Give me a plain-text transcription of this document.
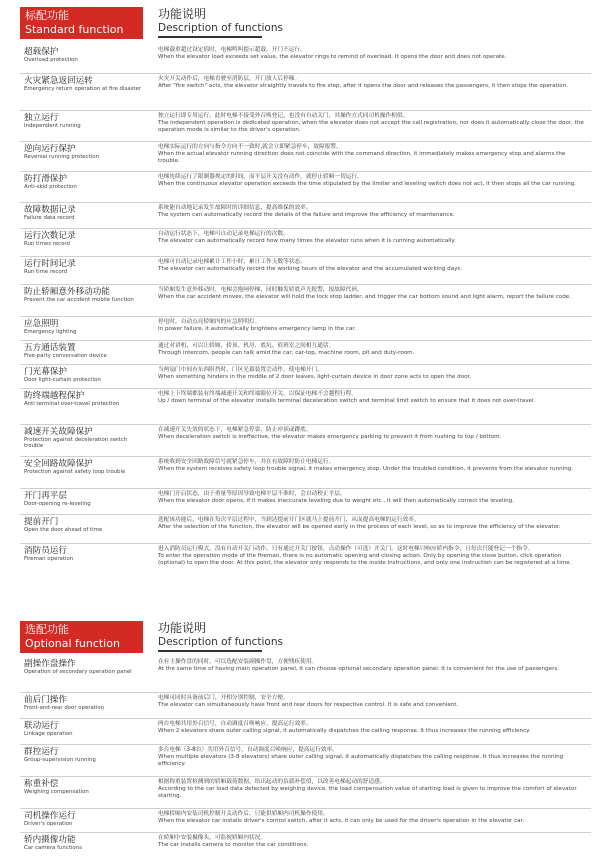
标配功能
Standard function
功能说明
Description of functions
超载保护
Overload protection
电梯载重超过设定值时，电梯鸣叫提示超载，开门不运行。
When the elevator load exceeds set value, the elevator rings to remind of overload. It opens the door and does not operate.
火灾紧急返回运转
Emergency return operation at fire disaster
火灾开关动作后，电梯直驶至消防层，开门放人后停梯。
After "fire switch" acts, the elevator straightly travels to fire step, after it opens the door and releases the passengers, it then stops the operation.
独立运行
Independent running
独立运行即专用运行，此时电梯不接受外召唤登记，也没有自动关门，其操作方式同司机操作相似。
The independent operation is dedicated operation, when the elevator does not accept the call registration, nor does it automatically close the door, the operation mode is similar to the driver's operation.
逆向运行保护
Reversal running protection
电梯实际运行的方向与指令方向不一致时,就会立即紧急停车，故障报警。
When the actual elevator running direction does not coincide with the command direction, it immediately makes emergency stop and alarms the trouble.
防打滑保护
Anti-skid protection
电梯连续运行了限制器规定的时间，而平层开关没有动作，就停止轿厢一切运行。
When the continuous elevator operation exceeds the time stipulated by the limiter and leveling switch does not act, it then stops all the car running.
故障数据记录
Failure data record
系统能自动地记录发生故障时的详细信息，提高维保的效率。
The system can automatically record the details of the failure and improve the efficiency of maintenance.
运行次数记录
Run times record
自动运行状态下，电梯可自动记录电梯运行的次数。
The elevator can automatically record how many times the elevator runs when it is running automatically.
运行时间记录
Run time record
电梯可自动记录电梯累计工作小时、累计工作天数等状态。
The elevator can automatically record the working hours of the elevator and the accumulated working days.
防止轿厢意外移动功能
Prevent the car accident mobile function
当轿厢发生意外移动时，电梯会抱闸停梯，同时触发轿底声光报警，报故障代码。
When the car accident moves, the elevator will hold the lock stop ladder, and trigger the car bottom sound and light alarm, report the failure code.
应急照明
Emergency lighting
停电时，自动点亮轿厢内的应急照明灯。
In power failure, it automatically brightens emergency lamp in the car.
五方通话装置
Five-party conversation device
通过对讲机，可以让轿厢、轿顶、机房、底坑、值班室之间相互通话。
Through intercom, people can talk amid the car, car-top, machine room, pit and duty-room.
门光幕保护
Door light-curtain protection
当两扇门中间有东西阻挡时，门区光幕装置会动作，使电梯开门。
When something hinders in the middle of 2 door leaves, light-curtain device in door zone acts to open the door.
防终端越程保护
Anti terminal over-travel protection
电梯上下终端都装有终端减速开关和终端限位开关，以保证电梯不会越程行程。
Up / down terminal of the elevator installs terminal deceleration switch and terminal limit switch to ensure that it does not over-travel.
减速开关故障保护
Protection against deceleration switch trouble
在减速开关失效的状态下，电梯紧急停靠，防止冲顶或蹲底。
When deceleration switch is ineffective, the elevator makes emergency parking to prevent it from rushing to top / bottom.
安全回路故障保护
Protection against safety loop trouble
系统收到安全回路故障信号就紧急停车，并在有故障时防止电梯运行。
When the system receives safety loop trouble signal, it makes emergency stop. Under the troubled condition, it prevents from the elevator running.
开门再平层
Door-opening re-leveling
电梯门开启状态，由于重量等原因导致电梯平层不准时，会自动校正平层。
When the elevator door opens, if it makes inaccurate leveling due to weight etc., it will then automatically correct the leveling.
提前开门
Open the door ahead of time
选配该功能后，电梯在每次平层过程中，当到达提前开门区就马上提前开门，从而提高电梯的运行效率。
After the selection of the function, the elevator will be opened early in the process of each level, so as to improve the efficiency of the elevator.
消防员运行
Fireman operation
进入消防员运行模式，没有自动开关门动作，只有通过开关门按钮，点动操作（可选）开关门。这时电梯只响应轿内指令，且每次只能登记一个指令。
To enter the operation mode of the fireman, there is no automatic opening and closing action. Only by opening the close button, click operation (optional) to open the door. At this point, the elevator only responds to the inside instructions, and only one instruction can be registered at a time.
选配功能
Optional function
功能说明
Description of functions
副操作盘操作
Operation of secondary operation panel
在有主操作盘的同时，可以选配安装副操作盘，方便残疾使用。
At the same time of having main operation panel, it can choose optional secondary operation panel. It is convenient for the use of passengers.
前后门操作
Front-and-rear door operation
电梯可同时具备前后门，开相分别控制，安全方便。
The elevator can simultaneously have front and rear doors for respective control. It is safe and convenient.
联动运行
Linkage operation
两台电梯共用外召信号，自动调度召唤响应，提高运行效率。
When 2 elevators share outer calling signal, it automatically dispatches the calling response. It thus increases the running efficiency.
群控运行
Group-supervision running
多台电梯（3-8台）共用外召信号，自动调度召唤响应，提高运行效率。
When multiple elevators (3-8 elevators) share outer calling signal, it automatically dispatches the calling response. It thus increases the running efficiency.
称重补偿
Weighing compensation
根据称重装置检测到的轿厢载荷数据，给出起动的负载补偿值，以改善电梯起动的舒适感。
According to the car load data detected by weighing device, the load compensation value of starting load is given to improve the comfort of elevator starting.
司机操作运行
Driver's operation
电梯轿厢内安装司机控制开关动作后，只能供轿厢内司机操作使用。
When the elevator car installs driver's control switch, after it acts, it can only be used for the driver's operation in the elevator car.
轿内摄像功能
Car camera functions
在轿厢中安装摄像头，可监视轿厢内状况。
The car installs camera to monitor the car conditions.
